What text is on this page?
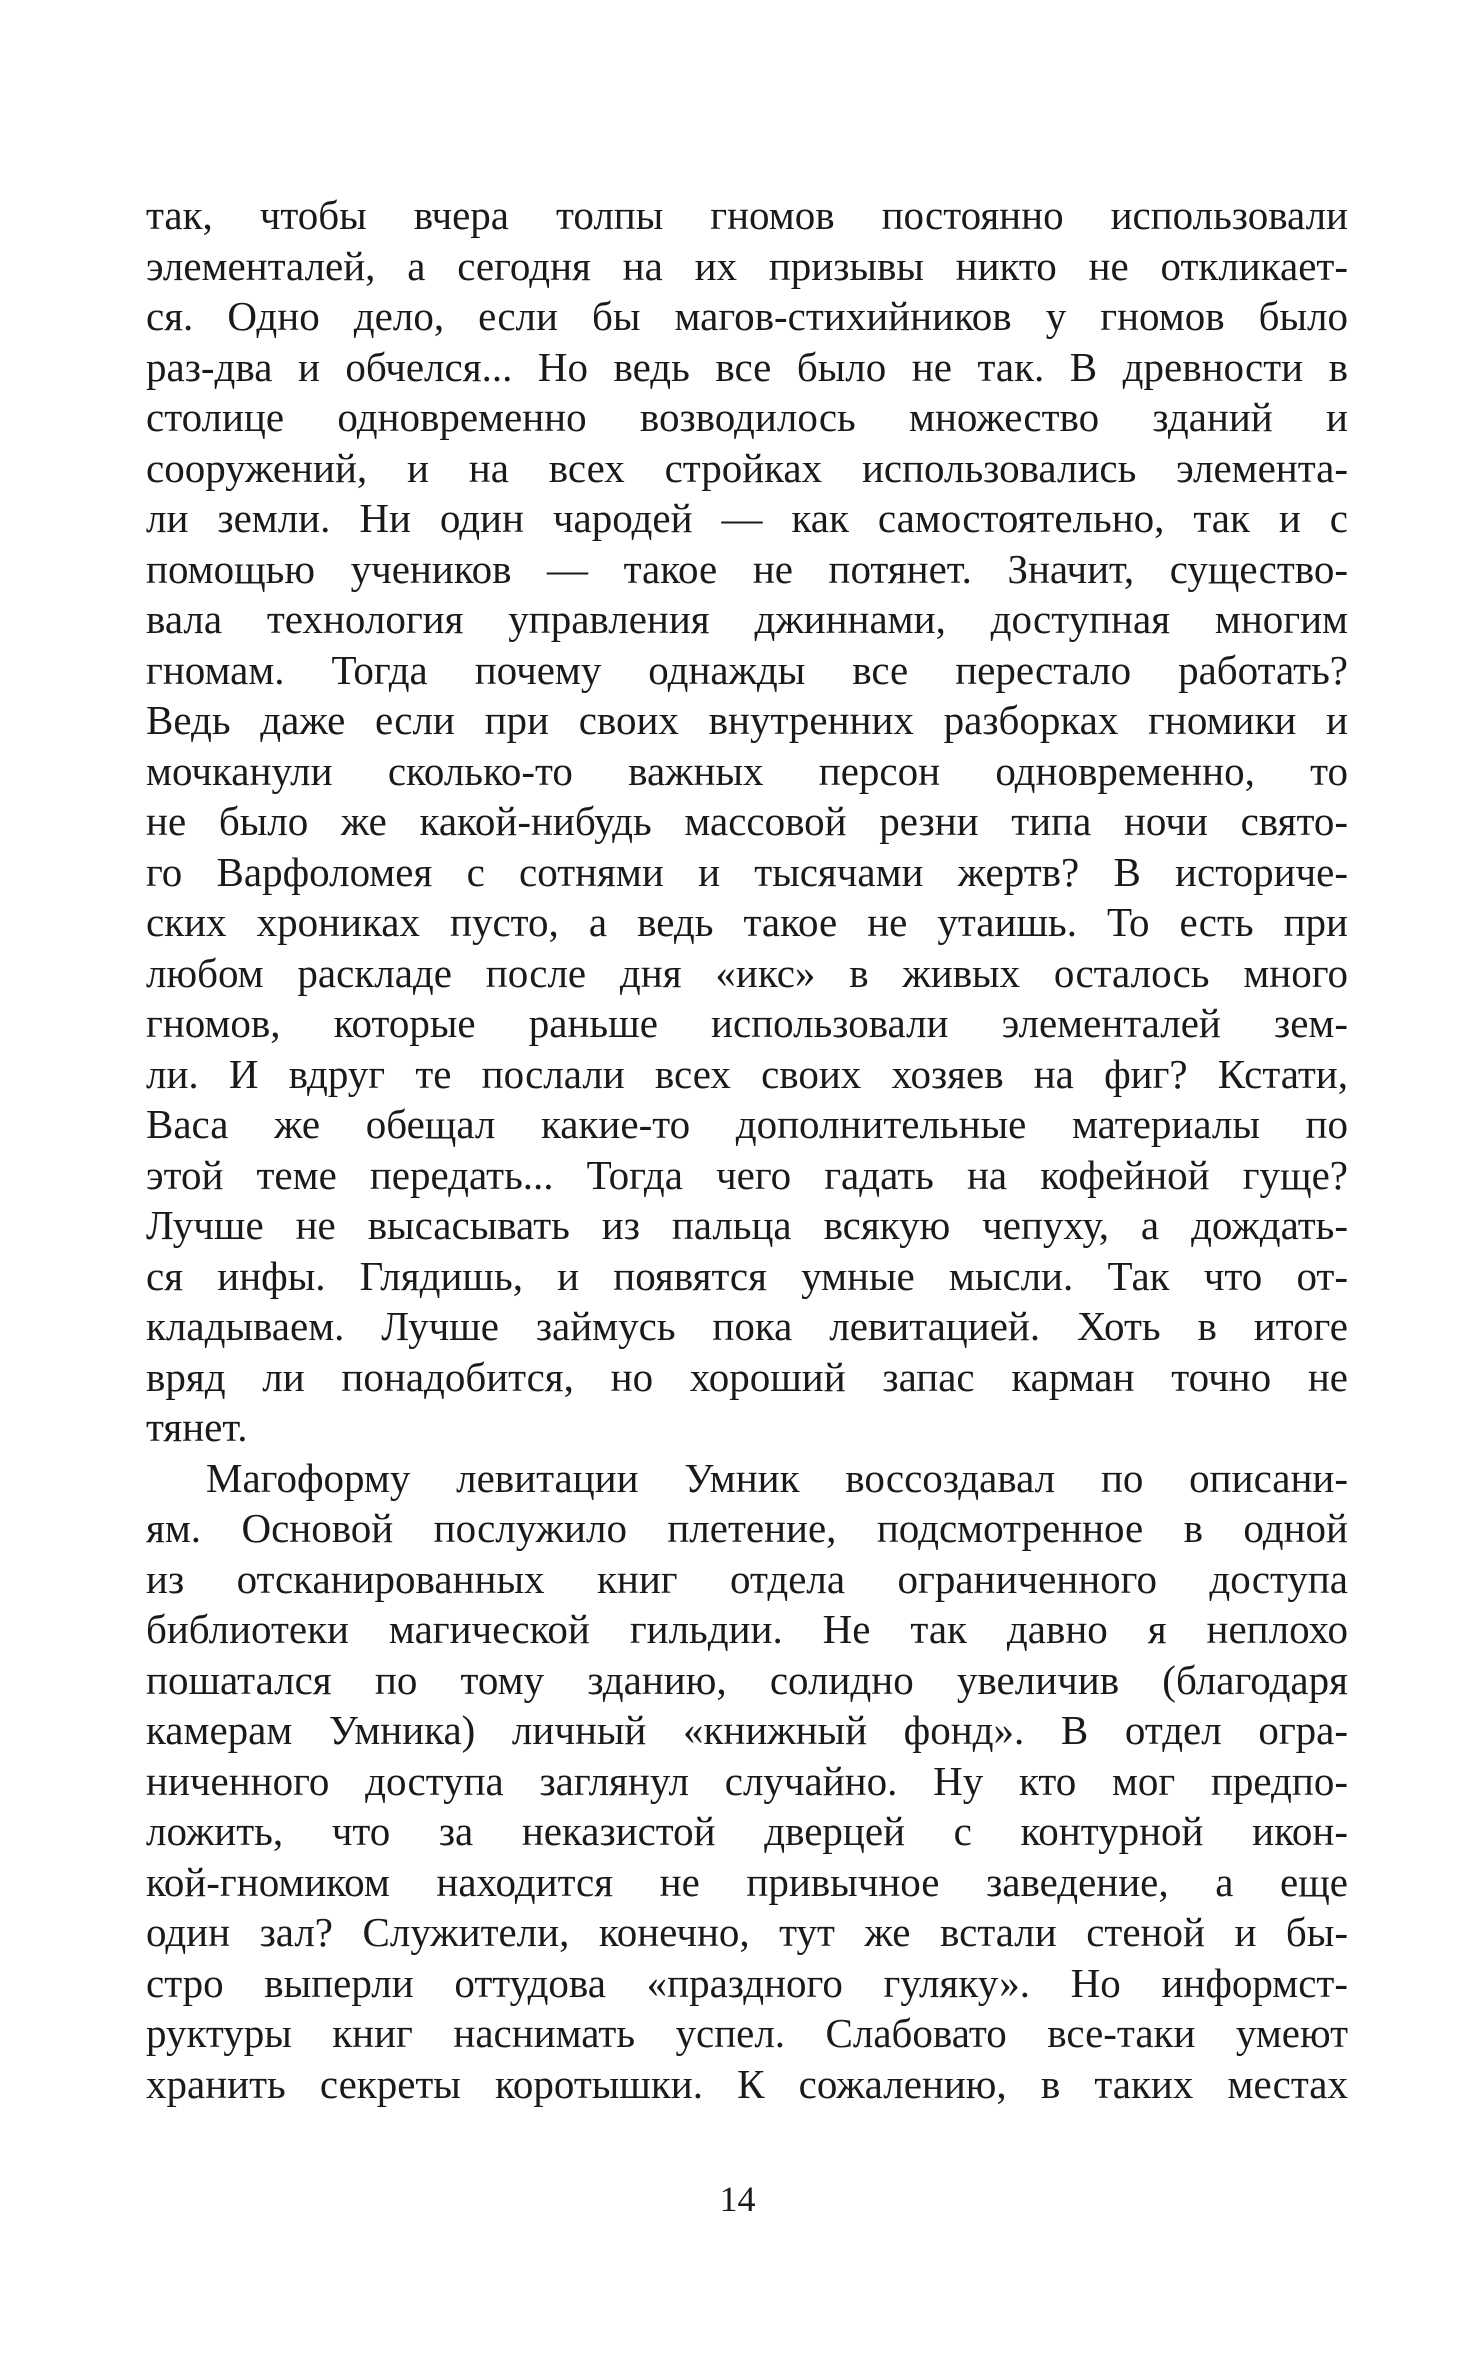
так, чтобы вчера толпы гномов постоянно использовали
элементалей, а сегодня на их призывы никто не откликает-
ся. Одно дело, если бы магов-стихийников у гномов было
раз-два и обчелся... Но ведь все было не так. В древности в
столице одновременно возводилось множество зданий и
сооружений, и на всех стройках использовались элемента-
ли земли. Ни один чародей — как самостоятельно, так и с
помощью учеников — такое не потянет. Значит, существо-
вала технология управления джиннами, доступная многим
гномам. Тогда почему однажды все перестало работать?
Ведь даже если при своих внутренних разборках гномики и
мочканули сколько-то важных персон одновременно, то
не было же какой-нибудь массовой резни типа ночи свято-
го Варфоломея с сотнями и тысячами жертв? В историче-
ских хрониках пусто, а ведь такое не утаишь. То есть при
любом раскладе после дня «икс» в живых осталось много
гномов, которые раньше использовали элементалей зем-
ли. И вдруг те послали всех своих хозяев на фиг? Кстати,
Васа же обещал какие-то дополнительные материалы по
этой теме передать... Тогда чего гадать на кофейной гуще?
Лучше не высасывать из пальца всякую чепуху, а дождать-
ся инфы. Глядишь, и появятся умные мысли. Так что от-
кладываем. Лучше займусь пока левитацией. Хоть в итоге
вряд ли понадобится, но хороший запас карман точно не
тянет.
Магоформу левитации Умник воссоздавал по описани-
ям. Основой послужило плетение, подсмотренное в одной
из отсканированных книг отдела ограниченного доступа
библиотеки магической гильдии. Не так давно я неплохо
пошатался по тому зданию, солидно увеличив (благодаря
камерам Умника) личный «книжный фонд». В отдел огра-
ниченного доступа заглянул случайно. Ну кто мог предпо-
ложить, что за неказистой дверцей с контурной икон-
кой-гномиком находится не привычное заведение, а еще
один зал? Служители, конечно, тут же встали стеной и бы-
стро выперли оттудова «праздного гуляку». Но информст-
руктуры книг наснимать успел. Слабовато все-таки умеют
хранить секреты коротышки. К сожалению, в таких местах
14
